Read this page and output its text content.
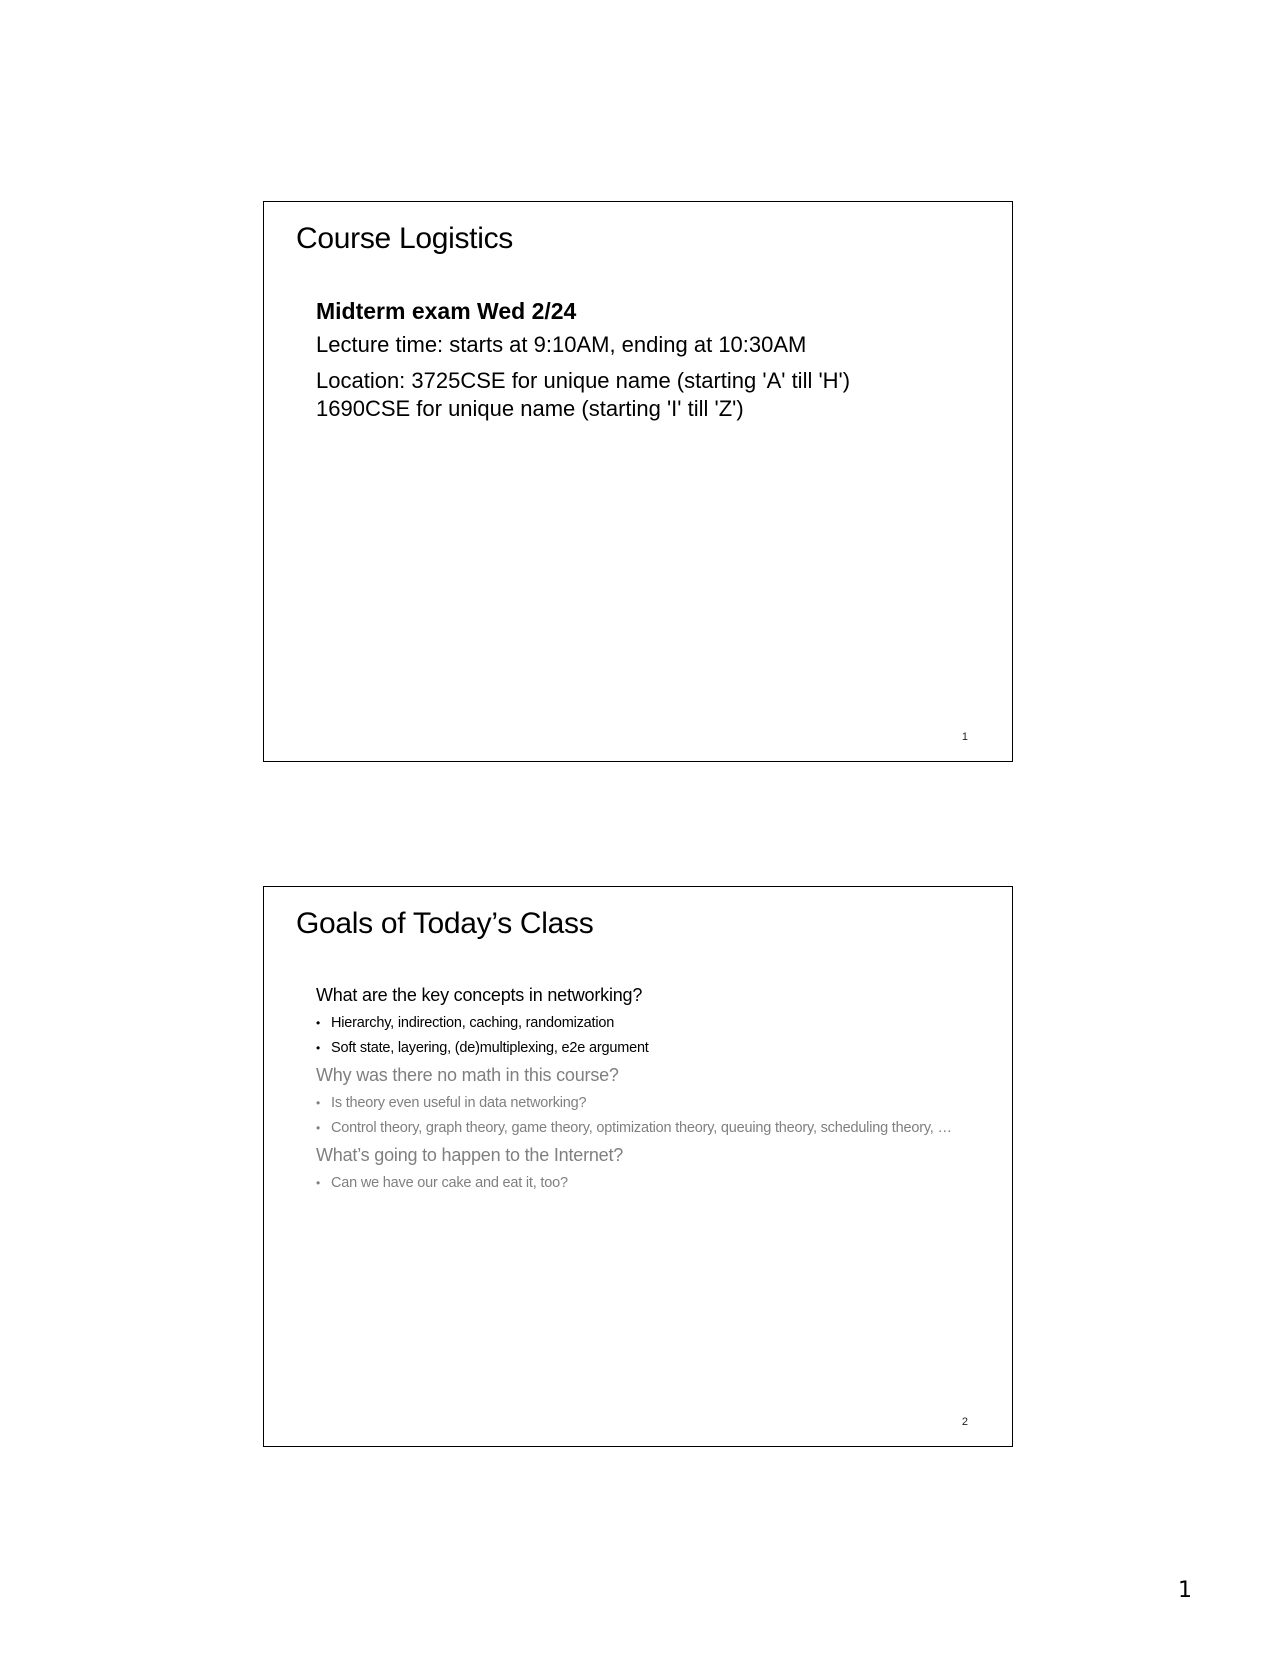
Course Logistics

Midterm exam Wed 2/24

Lecture time: starts at 9:10AM, ending at 10:30AM

Location: 3725CSE for unique name (starting 'A' till 'H')
1690CSE for unique name (starting 'I' till 'Z')

1
Goals of Today’s Class

What are the key concepts in networking?

• Hierarchy, indirection, caching, randomization
• Soft state, layering, (de)multiplexing, e2e argument

Why was there no math in this course?

• Is theory even useful in data networking?
• Control theory, graph theory, game theory, optimization theory, queuing theory, scheduling theory, …

What’s going to happen to the Internet?

• Can we have our cake and eat it, too?
2
1
